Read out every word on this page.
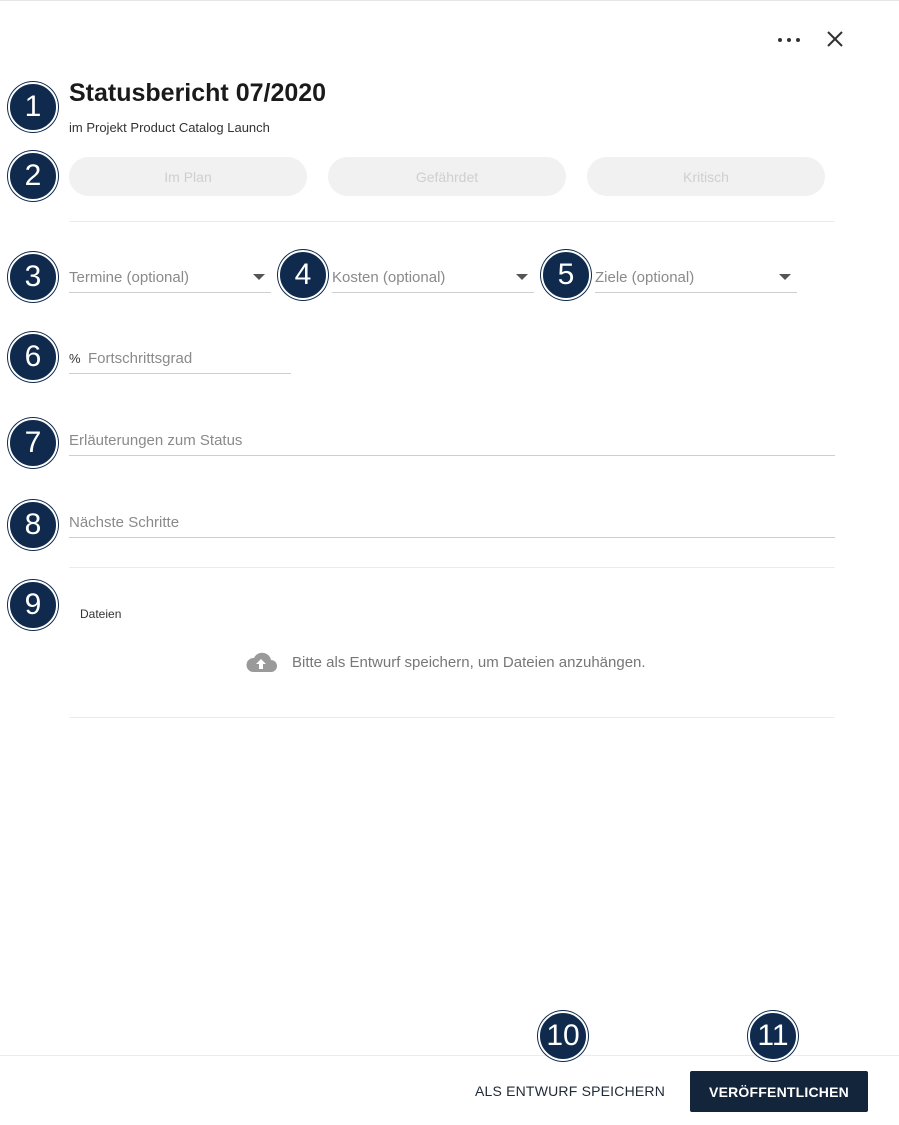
Statusbericht 07/2020
im Projekt Product Catalog Launch
Im Plan	Gefährdet	Kritisch
Termine (optional)	Kosten (optional)	Ziele (optional)
% Fortschrittsgrad
Erläuterungen zum Status
Nächste Schritte
Dateien
Bitte als Entwurf speichern, um Dateien anzuhängen.
ALS ENTWURF SPEICHERN	VERÖFFENTLICHEN
1
2
3	4	5
6
7
8
9
10	11
